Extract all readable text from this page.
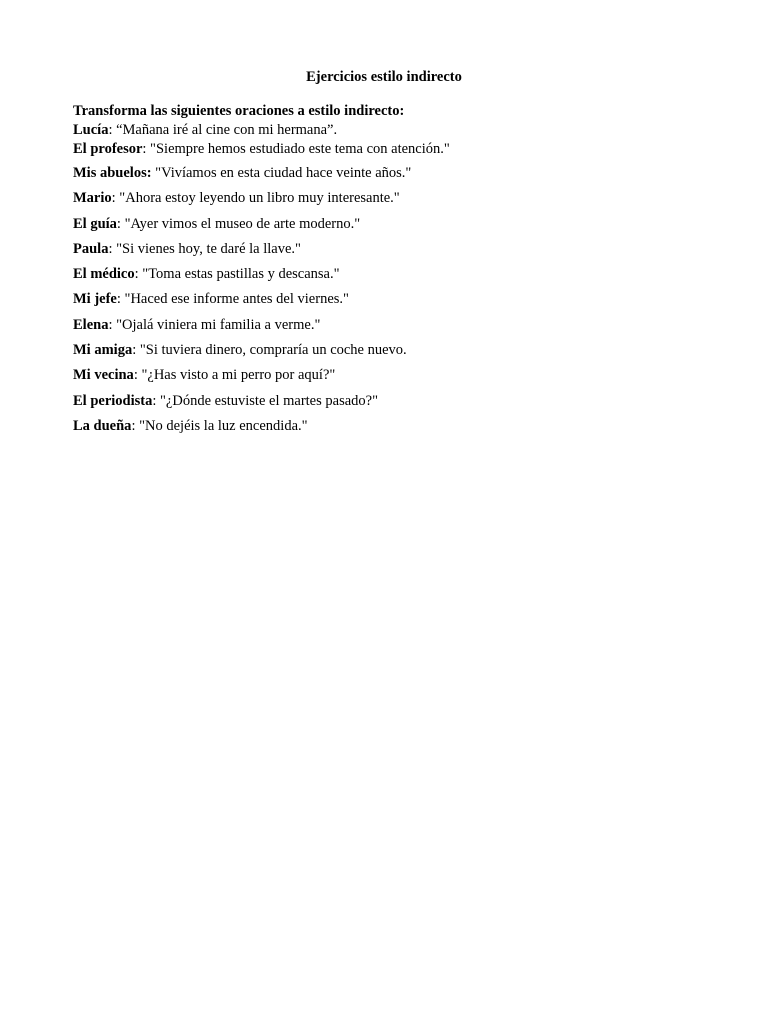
Ejercicios estilo indirecto
Transforma las siguientes oraciones a estilo indirecto:
Lucía: “Mañana iré al cine con mi hermana”.
El profesor: "Siempre hemos estudiado este tema con atención."
Mis abuelos: "Vivíamos en esta ciudad hace veinte años."
Mario: "Ahora estoy leyendo un libro muy interesante."
El guía: "Ayer vimos el museo de arte moderno."
Paula: "Si vienes hoy, te daré la llave."
El médico: "Toma estas pastillas y descansa."
Mi jefe: "Haced ese informe antes del viernes."
Elena: "Ojalá viniera mi familia a verme."
Mi amiga: "Si tuviera dinero, compraría un coche nuevo.
Mi vecina: "¿Has visto a mi perro por aquí?"
El periodista: "¿Dónde estuviste el martes pasado?"
La dueña: "No dejéis la luz encendida."
